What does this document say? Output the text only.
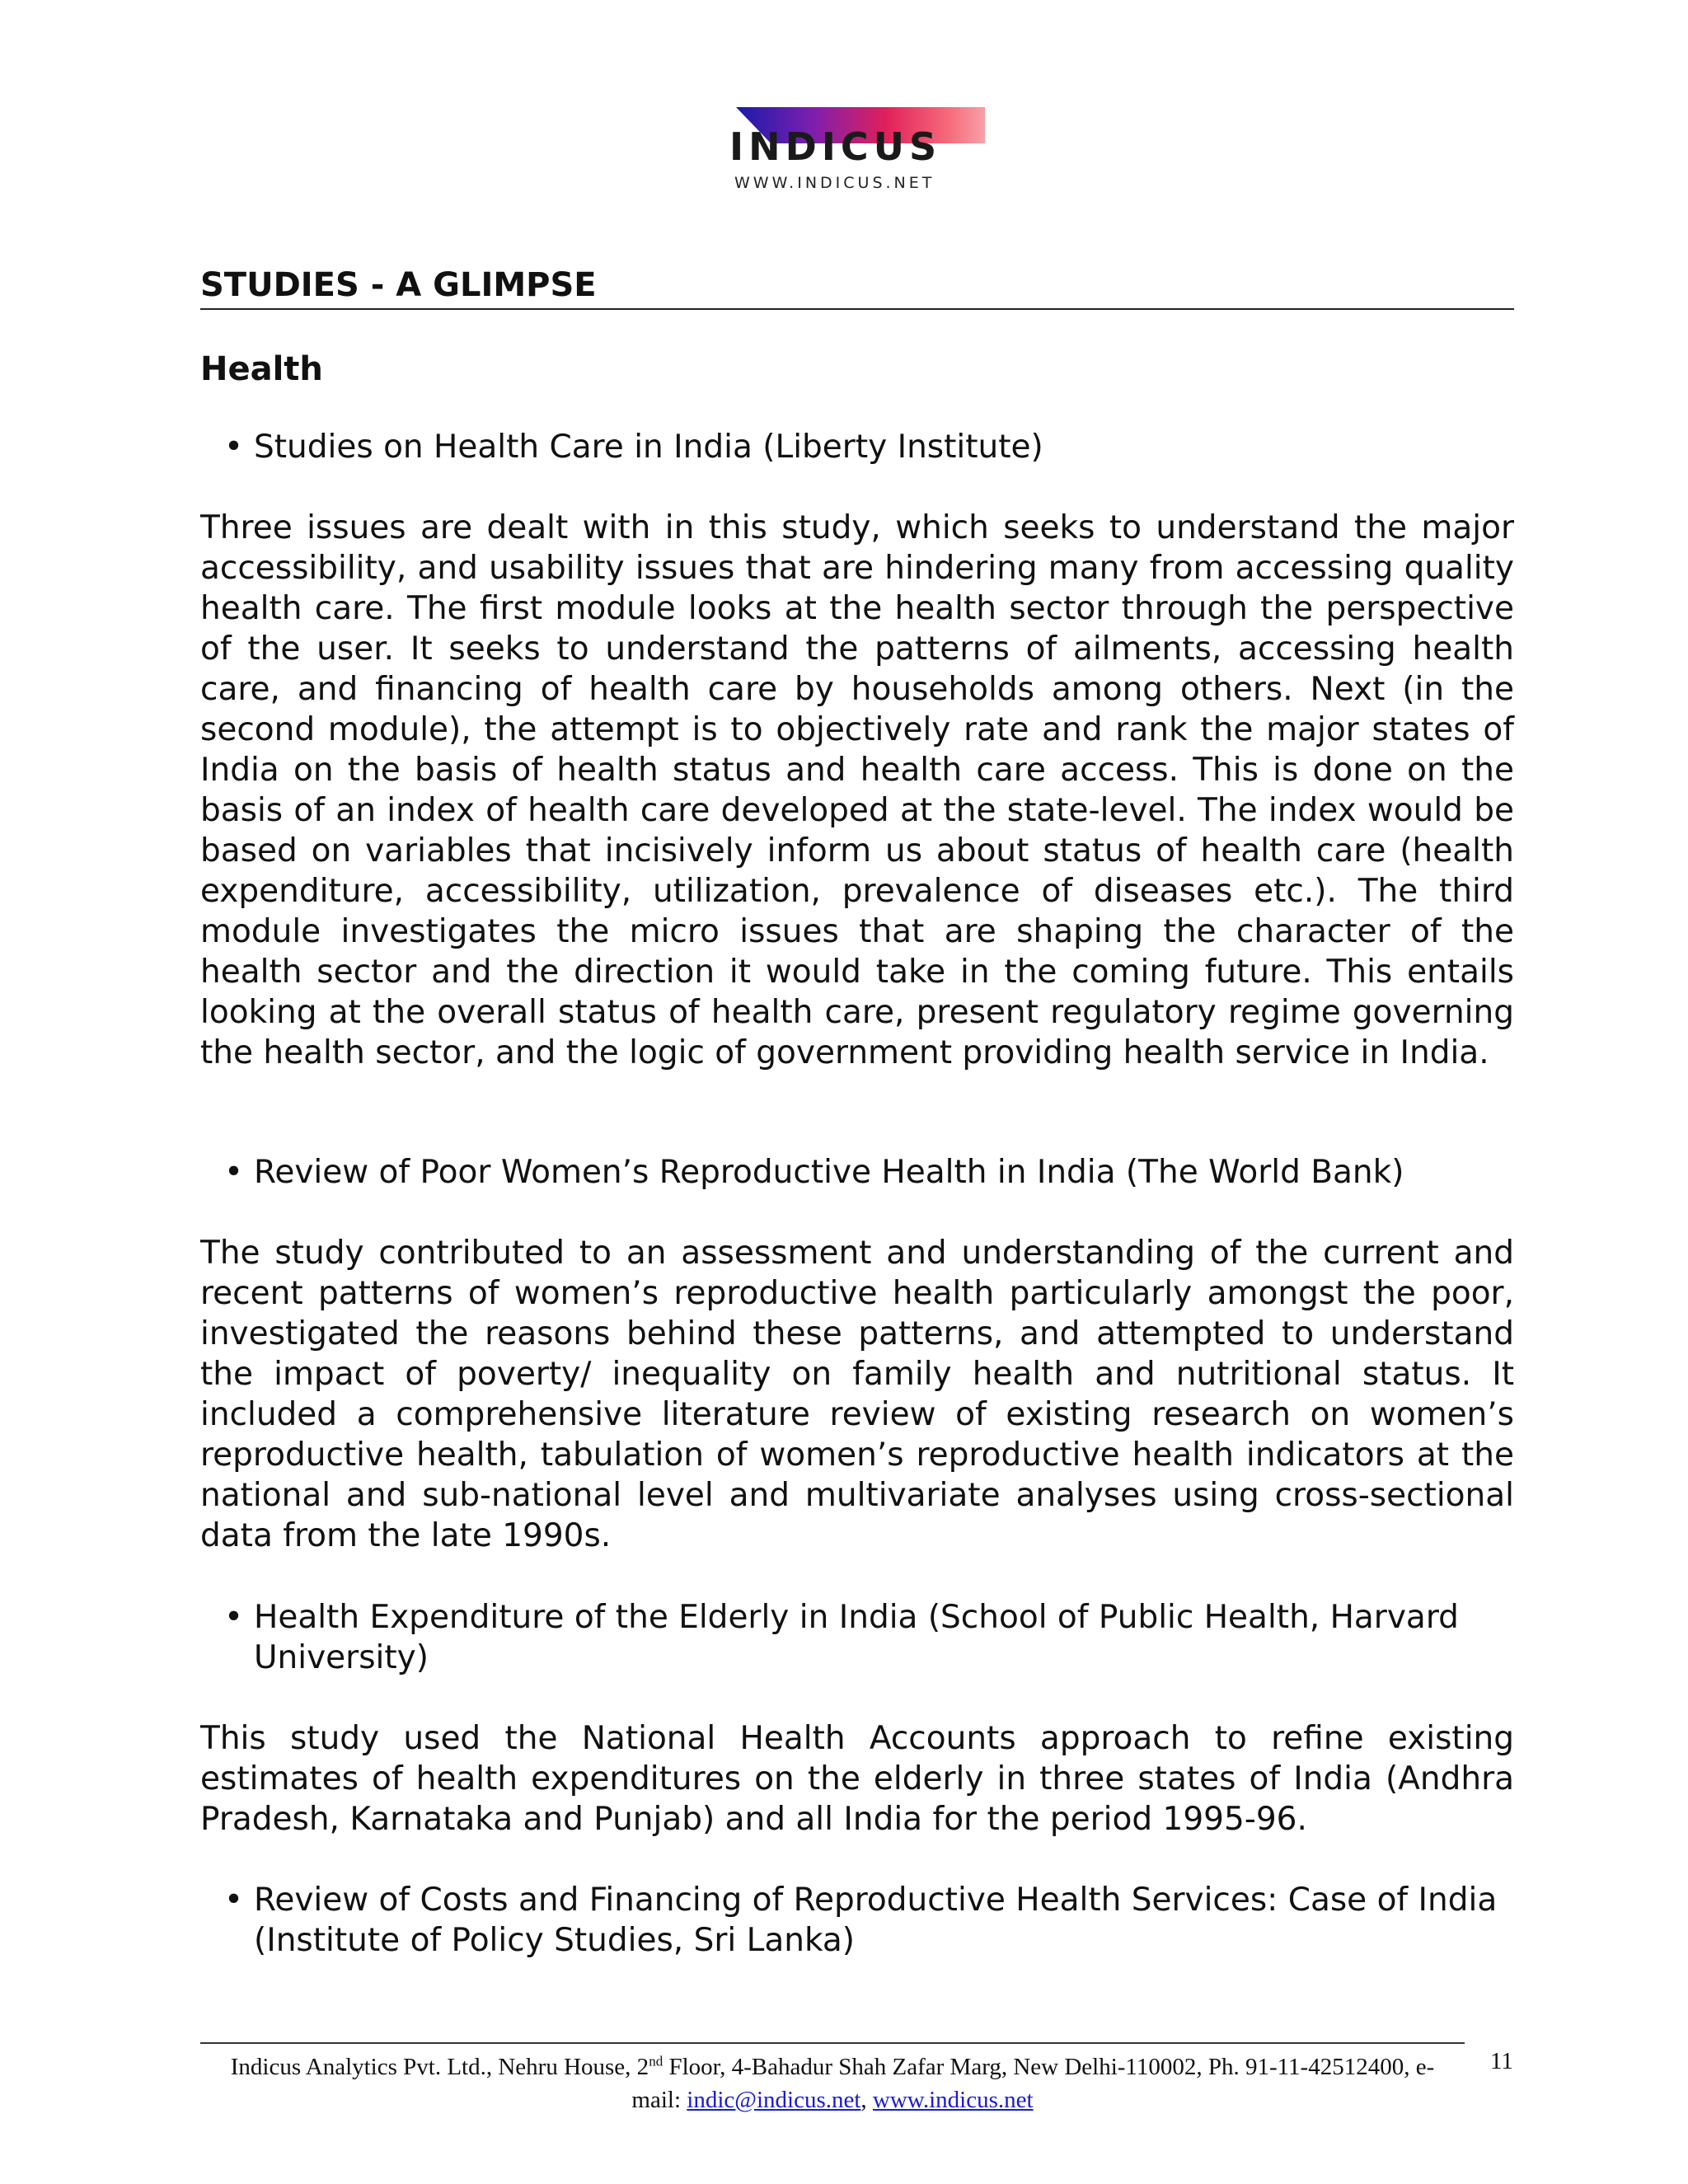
INDICUS
WWW.INDICUS.NET
STUDIES - A GLIMPSE
Health
• Studies on Health Care in India (Liberty Institute)
Three issues are dealt with in this study, which seeks to understand the major accessibility, and usability issues that are hindering many from accessing quality health care. The first module looks at the health sector through the perspective of the user. It seeks to understand the patterns of ailments, accessing health care, and financing of health care by households among others. Next (in the second module), the attempt is to objectively rate and rank the major states of India on the basis of health status and health care access. This is done on the basis of an index of health care developed at the state-level. The index would be based on variables that incisively inform us about status of health care (health expenditure, accessibility, utilization, prevalence of diseases etc.). The third module investigates the micro issues that are shaping the character of the health sector and the direction it would take in the coming future. This entails looking at the overall status of health care, present regulatory regime governing the health sector, and the logic of government providing health service in India.
• Review of Poor Women’s Reproductive Health in India (The World Bank)
The study contributed to an assessment and understanding of the current and recent patterns of women’s reproductive health particularly amongst the poor, investigated the reasons behind these patterns, and attempted to understand the impact of poverty/ inequality on family health and nutritional status. It included a comprehensive literature review of existing research on women’s reproductive health, tabulation of women’s reproductive health indicators at the national and sub-national level and multivariate analyses using cross-sectional data from the late 1990s.
• Health Expenditure of the Elderly in India (School of Public Health, Harvard University)
This study used the National Health Accounts approach to refine existing estimates of health expenditures on the elderly in three states of India (Andhra Pradesh, Karnataka and Punjab) and all India for the period 1995-96.
• Review of Costs and Financing of Reproductive Health Services: Case of India (Institute of Policy Studies, Sri Lanka)
Indicus Analytics Pvt. Ltd., Nehru House, 2nd Floor, 4-Bahadur Shah Zafar Marg, New Delhi-110002, Ph. 91-11-42512400, e-
mail: indic@indicus.net, www.indicus.net
11
